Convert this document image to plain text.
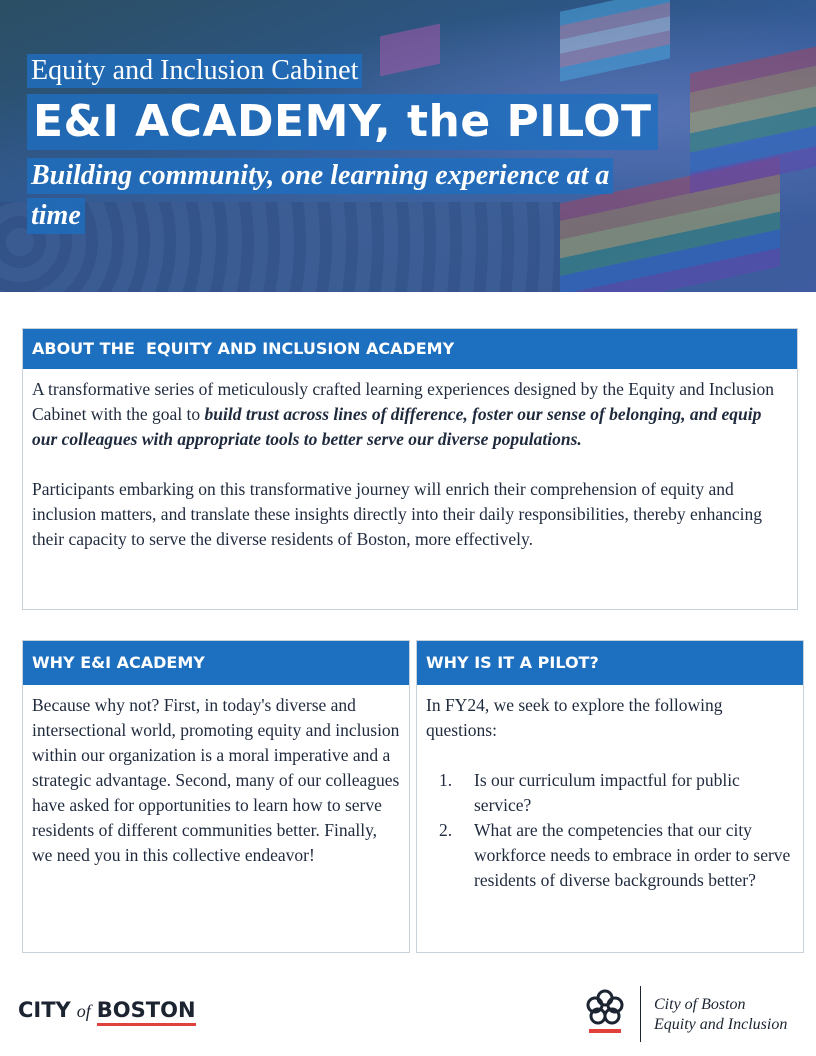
Equity and Inclusion Cabinet
E&I ACADEMY, the PILOT
Building community, one learning experience at a
time
ABOUT THE  EQUITY AND INCLUSION ACADEMY

A transformative series of meticulously crafted learning experiences designed by the Equity and Inclusion Cabinet with the goal to build trust across lines of difference, foster our sense of belonging, and equip our colleagues with appropriate tools to better serve our diverse populations.

Participants embarking on this transformative journey will enrich their comprehension of equity and inclusion matters, and translate these insights directly into their daily responsibilities, thereby enhancing their capacity to serve the diverse residents of Boston, more effectively.

WHY E&I ACADEMY

Because why not? First, in today's diverse and intersectional world, promoting equity and inclusion within our organization is a moral imperative and a strategic advantage. Second, many of our colleagues have asked for opportunities to learn how to serve residents of different communities better. Finally, we need you in this collective endeavor!

WHY IS IT A PILOT?

In FY24, we seek to explore the following questions:

1. Is our curriculum impactful for public service?
2. What are the competencies that our city workforce needs to embrace in order to serve residents of diverse backgrounds better?
CITY of BOSTON	City of Boston
Equity and Inclusion
